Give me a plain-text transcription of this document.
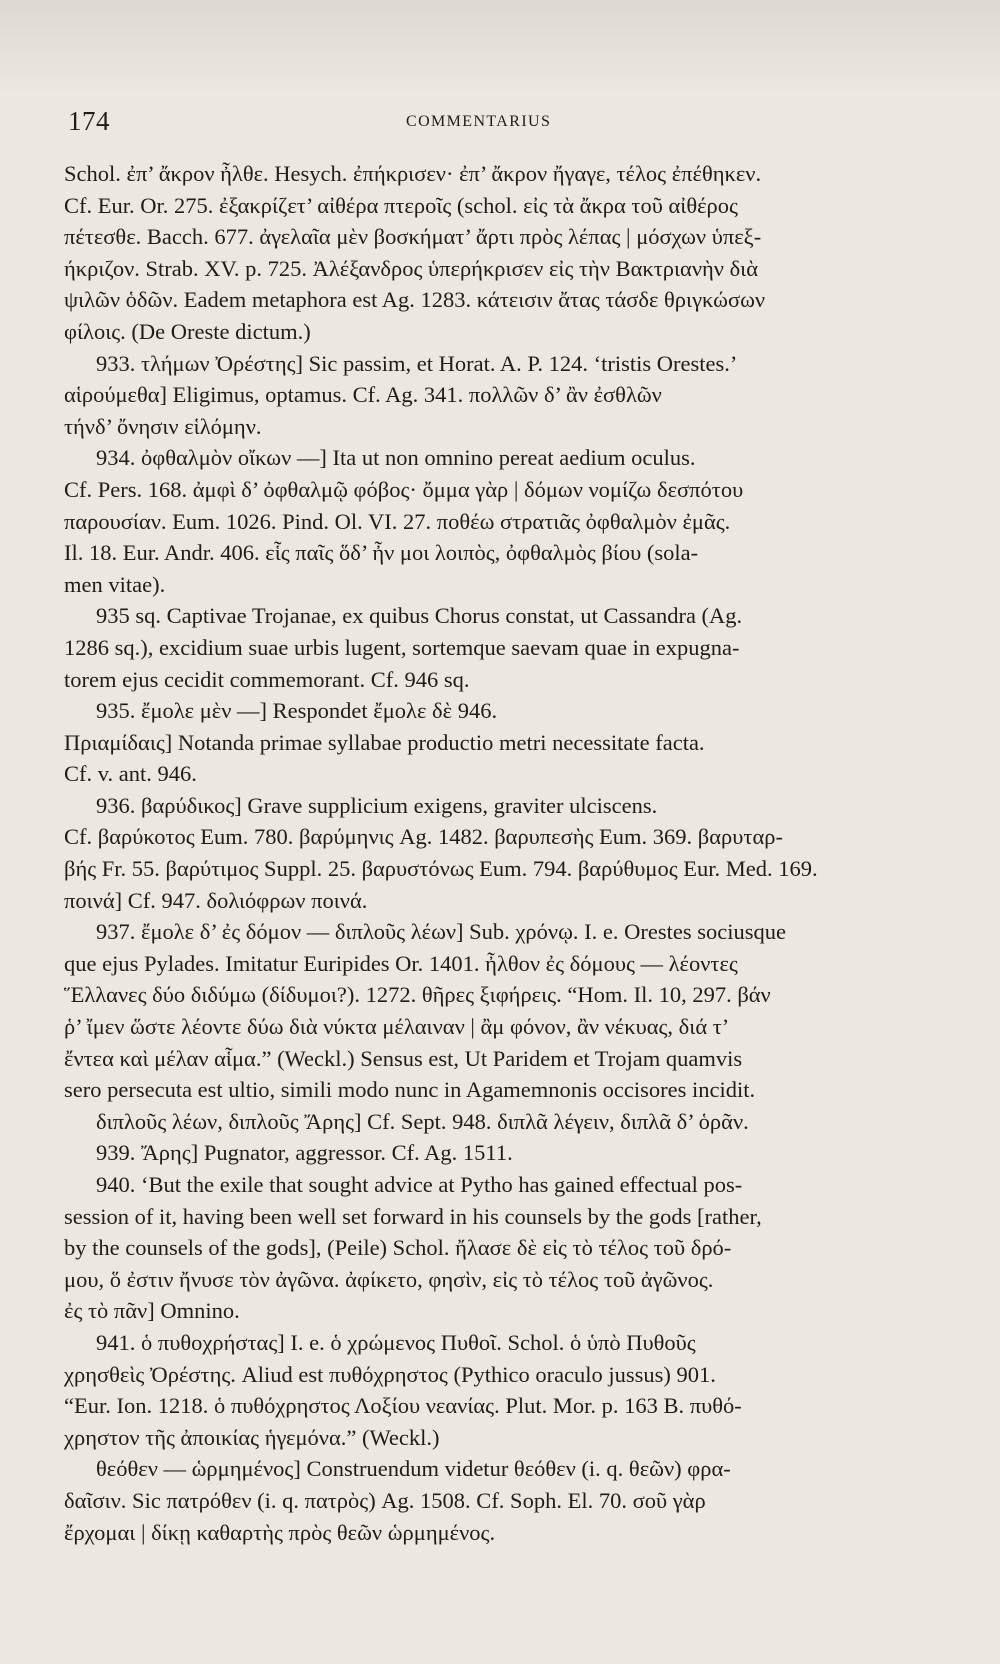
174	COMMENTARIUS
Schol. ἐπ’ ἄκρον ἦλθε. Hesych. ἐπήκρισεν· ἐπ’ ἄκρον ἤγαγε, τέλος ἐπέθηκεν.
Cf. Eur. Or. 275. ἐξακρίζετ’ αἰθέρα πτεροῖς (schol. εἰς τὰ ἄκρα τοῦ αἰθέρος
πέτεσθε. Bacch. 677. ἀγελαῖα μὲν βοσκήματ’ ἄρτι πρὸς λέπας | μόσχων ὑπεξ-
ήκριζον. Strab. XV. p. 725. Ἀλέξανδρος ὑπερήκρισεν εἰς τὴν Βακτριανὴν διὰ
ψιλῶν ὁδῶν. Eadem metaphora est Ag. 1283. κάτεισιν ἄτας τάσδε θριγκώσων
φίλοις. (De Oreste dictum.)
933. τλήμων Ὀρέστης] Sic passim, et Horat. A. P. 124. ‘tristis Orestes.’
αἱρούμεθα] Eligimus, optamus. Cf. Ag. 341. πολλῶν δ’ ἂν ἐσθλῶν
τήνδ’ ὄνησιν εἱλόμην.
934. ὀφθαλμὸν οἴκων —] Ita ut non omnino pereat aedium oculus.
Cf. Pers. 168. ἀμφὶ δ’ ὀφθαλμῷ φόβος· ὄμμα γὰρ | δόμων νομίζω δεσπότου
παρουσίαν. Eum. 1026. Pind. Ol. VI. 27. ποθέω στρατιᾶς ὀφθαλμὸν ἐμᾶς.
Il. 18. Eur. Andr. 406. εἷς παῖς ὅδ’ ἦν μοι λοιπὸς, ὀφθαλμὸς βίου (sola-
men vitae).
935 sq. Captivae Trojanae, ex quibus Chorus constat, ut Cassandra (Ag.
1286 sq.), excidium suae urbis lugent, sortemque saevam quae in expugna-
torem ejus cecidit commemorant. Cf. 946 sq.
935. ἔμολε μὲν —] Respondet ἔμολε δὲ 946.
Πριαμίδαις] Notanda primae syllabae productio metri necessitate facta.
Cf. v. ant. 946.
936. βαρύδικος] Grave supplicium exigens, graviter ulciscens.
Cf. βαρύκοτος Eum. 780. βαρύμηνις Ag. 1482. βαρυπεσὴς Eum. 369. βαρυταρ-
βής Fr. 55. βαρύτιμος Suppl. 25. βαρυστόνως Eum. 794. βαρύθυμος Eur. Med. 169.
ποινά] Cf. 947. δολιόφρων ποινά.
937. ἔμολε δ’ ἐς δόμον — διπλοῦς λέων] Sub. χρόνῳ. I. e. Orestes sociusque
que ejus Pylades. Imitatur Euripides Or. 1401. ἦλθον ἐς δόμους — λέοντες
Ἕλλανες δύο διδύμω (δίδυμοι?). 1272. θῆρες ξιφήρεις. “Hom. Il. 10, 297. βάν
ῥ’ ἴμεν ὥστε λέοντε δύω διὰ νύκτα μέλαιναν | ἂμ φόνον, ἂν νέκυας, διά τ’
ἔντεα καὶ μέλαν αἷμα.” (Weckl.) Sensus est, Ut Paridem et Trojam quamvis
sero persecuta est ultio, simili modo nunc in Agamemnonis occisores incidit.
διπλοῦς λέων, διπλοῦς Ἄρης] Cf. Sept. 948. διπλᾶ λέγειν, διπλᾶ δ’ ὁρᾶν.
939. Ἄρης] Pugnator, aggressor. Cf. Ag. 1511.
940. ‘But the exile that sought advice at Pytho has gained effectual pos-
session of it, having been well set forward in his counsels by the gods [rather,
by the counsels of the gods], (Peile) Schol. ἤλασε δὲ εἰς τὸ τέλος τοῦ δρό-
μου, ὅ ἐστιν ἤνυσε τὸν ἀγῶνα. ἀφίκετο, φησὶν, εἰς τὸ τέλος τοῦ ἀγῶνος.
ἐς τὸ πᾶν] Omnino.
941. ὁ πυθοχρήστας] I. e. ὁ χρώμενος Πυθοῖ. Schol. ὁ ὑπὸ Πυθοῦς
χρησθεὶς Ὀρέστης. Aliud est πυθόχρηστος (Pythico oraculo jussus) 901.
“Eur. Ion. 1218. ὁ πυθόχρηστος Λοξίου νεανίας. Plut. Mor. p. 163 B. πυθό-
χρηστον τῆς ἀποικίας ἡγεμόνα.” (Weckl.)
θεόθεν — ὡρμημένος] Construendum videtur θεόθεν (i. q. θεῶν) φρα-
δαῖσιν. Sic πατρόθεν (i. q. πατρὸς) Ag. 1508. Cf. Soph. El. 70. σοῦ γὰρ
ἔρχομαι | δίκῃ καθαρτὴς πρὸς θεῶν ὡρμημένος.
